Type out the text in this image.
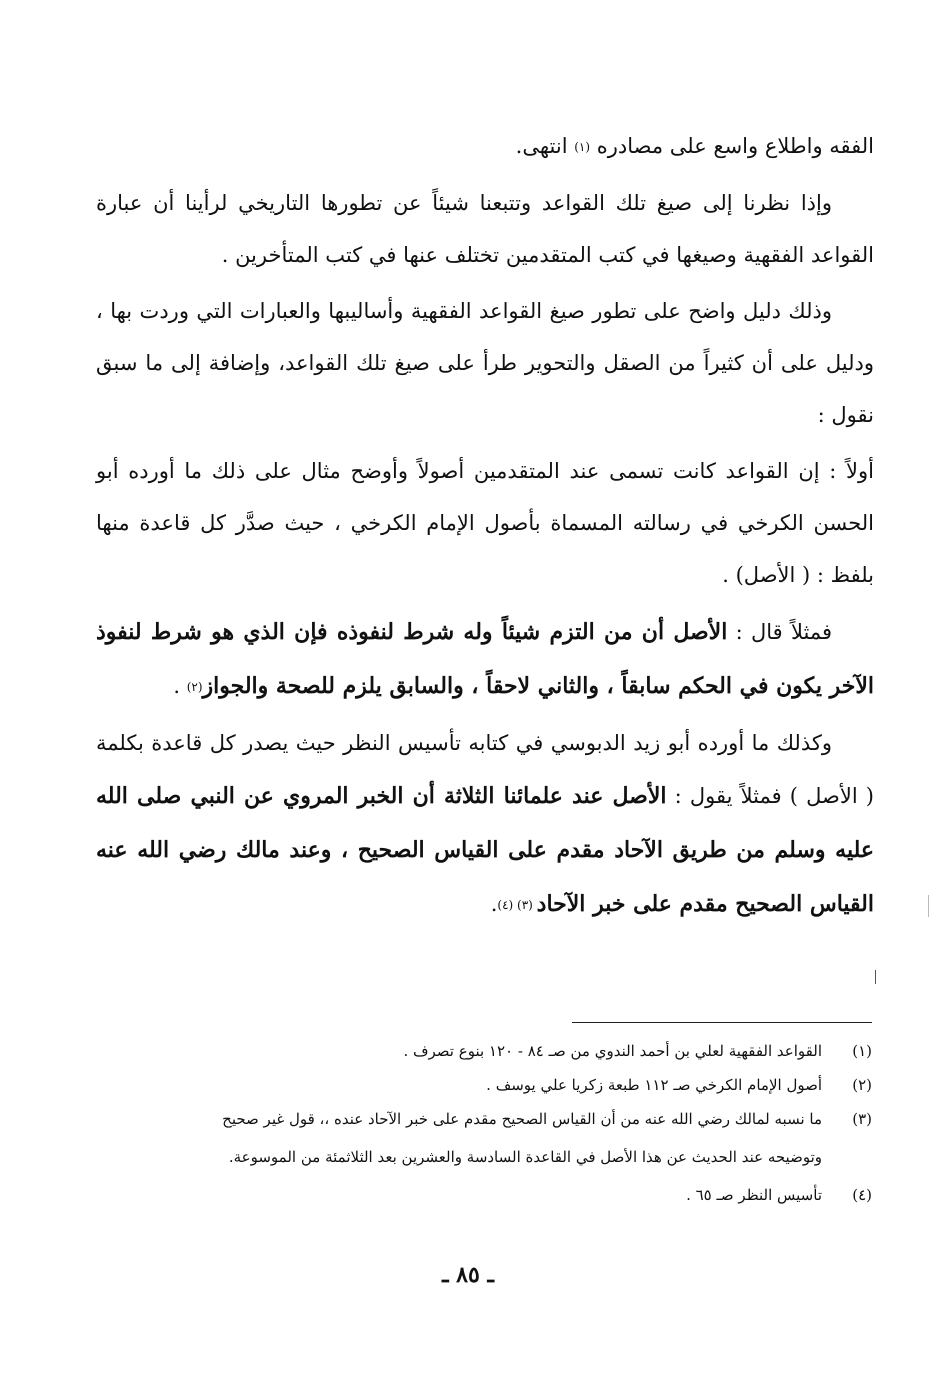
الفقه واطلاع واسع على مصادره $^{(١)}$ انتهى.

وإذا نظرنا إلى صيغ تلك القواعد وتتبعنا شيئاً عن تطورها التاريخي لرأينا أن عبارة القواعد الفقهية وصيغها في كتب المتقدمين تختلف عنها في كتب المتأخرين .

وذلك دليل واضح على تطور صيغ القواعد الفقهية وأساليبها والعبارات التي وردت بها ، ودليل على أن كثيراً من الصقل والتحوير طرأ على صيغ تلك القواعد، وإضافة إلى ما سبق نقول :

أولاً : إن القواعد كانت تسمى عند المتقدمين أصولاً وأوضح مثال على ذلك ما أورده أبو الحسن الكرخي في رسالته المسماة بأصول الإمام الكرخي ، حيث صدَّر كل قاعدة منها بلفظ : ( الأصل) .

فمثلاً قال : الأصل أن من التزم شيئاً وله شرط لنفوذه فإن الذي هو شرط لنفوذ الآخر يكون في الحكم سابقاً ، والثاني لاحقاً ، والسابق يلزم للصحة والجواز$^{(٢)}$ .

وكذلك ما أورده أبو زيد الدبوسي في كتابه تأسيس النظر حيث يصدر كل قاعدة بكلمة ( الأصل ) فمثلاً يقول : الأصل عند علمائنا الثلاثة أن الخبر المروي عن النبي صلى الله عليه وسلم من طريق الآحاد مقدم على القياس الصحيح ، وعند مالك رضي الله عنه القياس الصحيح مقدم على خبر الآحاد $^{(٣) (٤)}$.

(١)
القواعد الفقهية لعلي بن أحمد الندوي من صـ ٨٤ - ١٢٠ بنوع تصرف .
(٢)
أصول الإمام الكرخي صـ ١١٢ طبعة زكريا علي يوسف .
(٣)
ما نسبه لمالك رضي الله عنه من أن القياس الصحيح مقدم على خبر الآحاد عنده ،، قول غير صحيح
وتوضيحه عند الحديث عن هذا الأصل في القاعدة السادسة والعشرين بعد الثلاثمئة من الموسوعة.
(٤)
تأسيس النظر صـ ٦٥ .
ـ ٨٥ ـ
